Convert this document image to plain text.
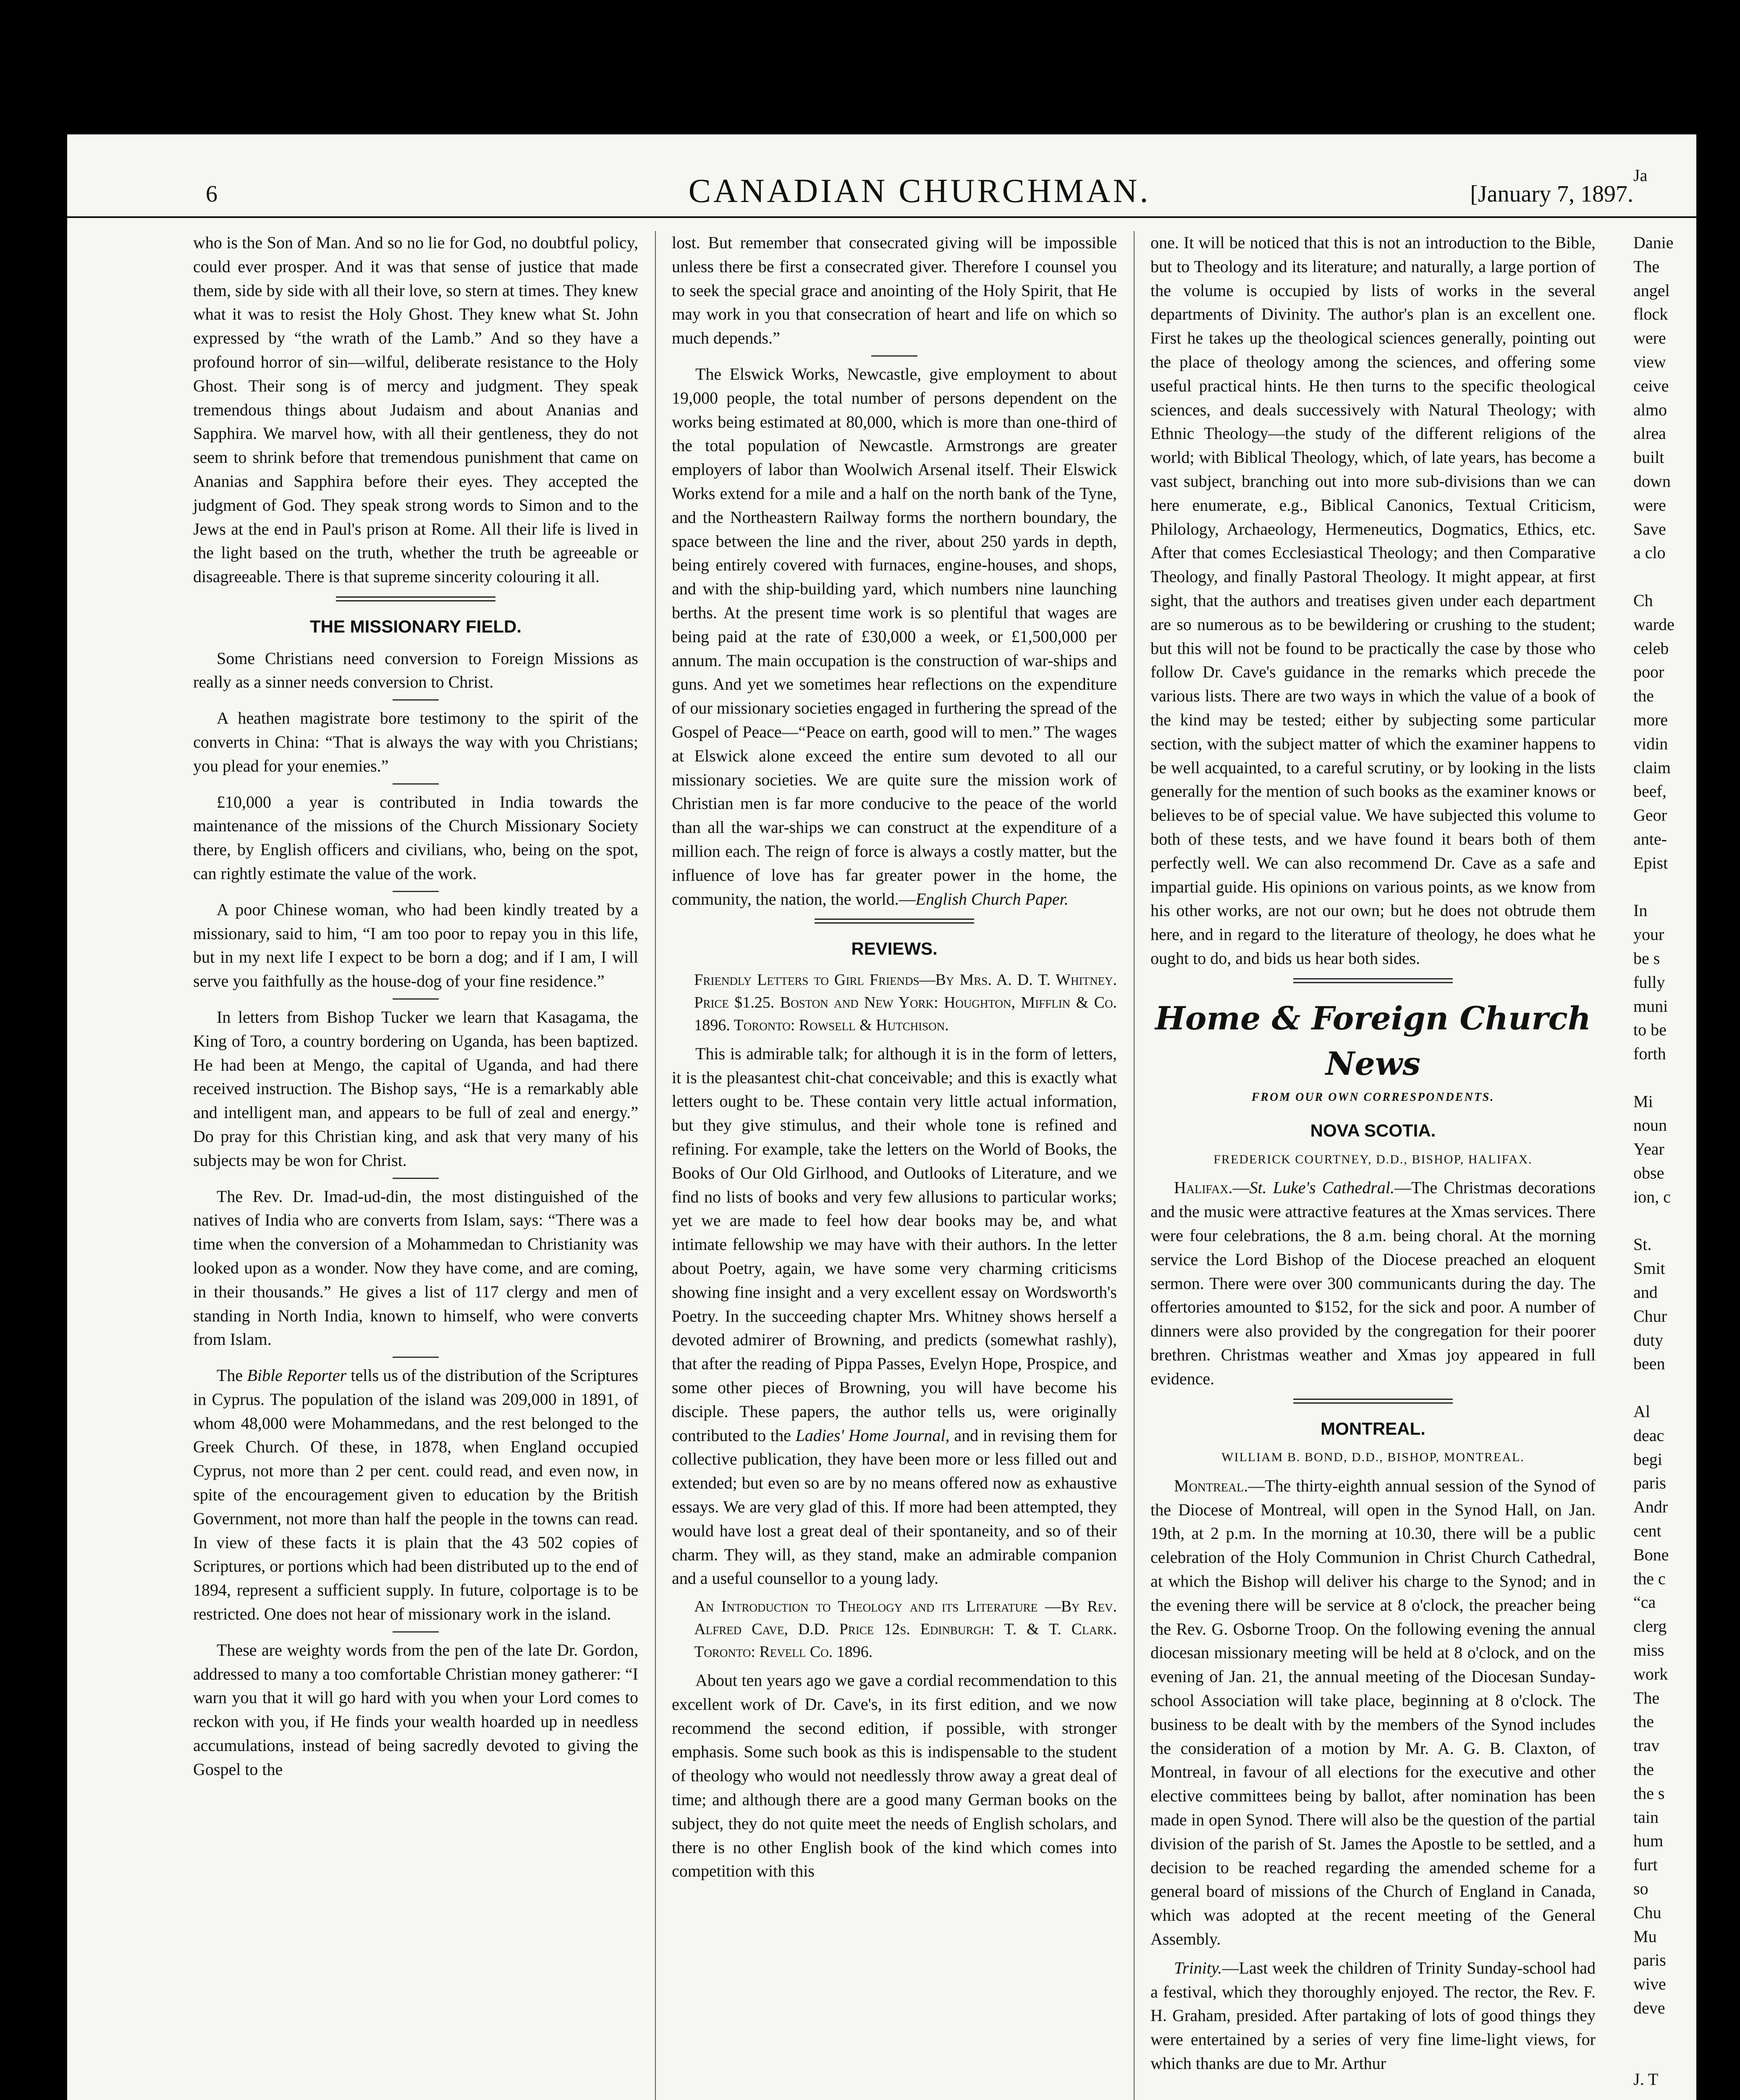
6	CANADIAN CHURCHMAN.	[January 7, 1897.

who is the Son of Man. And so no lie for God, no doubtful policy, could ever prosper. And it was that sense of justice that made them, side by side with all their love, so stern at times. They knew what it was to resist the Holy Ghost. They knew what St. John expressed by “the wrath of the Lamb.” And so they have a profound horror of sin—wilful, deliberate resistance to the Holy Ghost. Their song is of mercy and judgment. They speak tremendous things about Judaism and about Ananias and Sapphira. We marvel how, with all their gentleness, they do not seem to shrink before that tremendous punishment that came on Ananias and Sapphira before their eyes. They accepted the judgment of God. They speak strong words to Simon and to the Jews at the end in Paul's prison at Rome. All their life is lived in the light based on the truth, whether the truth be agreeable or disagreeable. There is that supreme sincerity colouring it all.

THE MISSIONARY FIELD.

Some Christians need conversion to Foreign Missions as really as a sinner needs conversion to Christ.

A heathen magistrate bore testimony to the spirit of the converts in China: “That is always the way with you Christians; you plead for your enemies.”

£10,000 a year is contributed in India towards the maintenance of the missions of the Church Missionary Society there, by English officers and civilians, who, being on the spot, can rightly estimate the value of the work.

A poor Chinese woman, who had been kindly treated by a missionary, said to him, “I am too poor to repay you in this life, but in my next life I expect to be born a dog; and if I am, I will serve you faithfully as the house-dog of your fine residence.”

In letters from Bishop Tucker we learn that Kasagama, the King of Toro, a country bordering on Uganda, has been baptized. He had been at Mengo, the capital of Uganda, and had there received instruction. The Bishop says, “He is a remarkably able and intelligent man, and appears to be full of zeal and energy.” Do pray for this Christian king, and ask that very many of his subjects may be won for Christ.

The Rev. Dr. Imad-ud-din, the most distinguished of the natives of India who are converts from Islam, says: “There was a time when the conversion of a Mohammedan to Christianity was looked upon as a wonder. Now they have come, and are coming, in their thousands.” He gives a list of 117 clergy and men of standing in North India, known to himself, who were converts from Islam.

The Bible Reporter tells us of the distribution of the Scriptures in Cyprus. The population of the island was 209,000 in 1891, of whom 48,000 were Mohammedans, and the rest belonged to the Greek Church. Of these, in 1878, when England occupied Cyprus, not more than 2 per cent. could read, and even now, in spite of the encouragement given to education by the British Government, not more than half the people in the towns can read. In view of these facts it is plain that the 43 502 copies of Scriptures, or portions which had been distributed up to the end of 1894, represent a sufficient supply. In future, colportage is to be restricted. One does not hear of missionary work in the island.

These are weighty words from the pen of the late Dr. Gordon, addressed to many a too comfortable Christian money gatherer: “I warn you that it will go hard with you when your Lord comes to reckon with you, if He finds your wealth hoarded up in needless accumulations, instead of being sacredly devoted to giving the Gospel to the

lost. But remember that consecrated giving will be impossible unless there be first a consecrated giver. Therefore I counsel you to seek the special grace and anointing of the Holy Spirit, that He may work in you that consecration of heart and life on which so much depends.”

The Elswick Works, Newcastle, give employment to about 19,000 people, the total number of persons dependent on the works being estimated at 80,000, which is more than one-third of the total population of Newcastle. Armstrongs are greater employers of labor than Woolwich Arsenal itself. Their Elswick Works extend for a mile and a half on the north bank of the Tyne, and the Northeastern Railway forms the northern boundary, the space between the line and the river, about 250 yards in depth, being entirely covered with furnaces, engine-houses, and shops, and with the ship-building yard, which numbers nine launching berths. At the present time work is so plentiful that wages are being paid at the rate of £30,000 a week, or £1,500,000 per annum. The main occupation is the construction of war-ships and guns. And yet we sometimes hear reflections on the expenditure of our missionary societies engaged in furthering the spread of the Gospel of Peace—“Peace on earth, good will to men.” The wages at Elswick alone exceed the entire sum devoted to all our missionary societies. We are quite sure the mission work of Christian men is far more conducive to the peace of the world than all the war-ships we can construct at the expenditure of a million each. The reign of force is always a costly matter, but the influence of love has far greater power in the home, the community, the nation, the world.—English Church Paper.

REVIEWS.

Friendly Letters to Girl Friends—By Mrs. A. D. T. Whitney. Price $1.25. Boston and New York: Houghton, Mifflin & Co. 1896. Toronto: Rowsell & Hutchison.

This is admirable talk; for although it is in the form of letters, it is the pleasantest chit-chat conceivable; and this is exactly what letters ought to be. These contain very little actual information, but they give stimulus, and their whole tone is refined and refining. For example, take the letters on the World of Books, the Books of Our Old Girlhood, and Outlooks of Literature, and we find no lists of books and very few allusions to particular works; yet we are made to feel how dear books may be, and what intimate fellowship we may have with their authors. In the letter about Poetry, again, we have some very charming criticisms showing fine insight and a very excellent essay on Wordsworth's Poetry. In the succeeding chapter Mrs. Whitney shows herself a devoted admirer of Browning, and predicts (somewhat rashly), that after the reading of Pippa Passes, Evelyn Hope, Prospice, and some other pieces of Browning, you will have become his disciple. These papers, the author tells us, were originally contributed to the Ladies' Home Journal, and in revising them for collective publication, they have been more or less filled out and extended; but even so are by no means offered now as exhaustive essays. We are very glad of this. If more had been attempted, they would have lost a great deal of their spontaneity, and so of their charm. They will, as they stand, make an admirable companion and a useful counsellor to a young lady.

An Introduction to Theology and its Literature —By Rev. Alfred Cave, D.D. Price 12s. Edinburgh: T. & T. Clark. Toronto: Revell Co. 1896.

About ten years ago we gave a cordial recommendation to this excellent work of Dr. Cave's, in its first edition, and we now recommend the second edition, if possible, with stronger emphasis. Some such book as this is indispensable to the student of theology who would not needlessly throw away a great deal of time; and although there are a good many German books on the subject, they do not quite meet the needs of English scholars, and there is no other English book of the kind which comes into competition with this

one. It will be noticed that this is not an introduction to the Bible, but to Theology and its literature; and naturally, a large portion of the volume is occupied by lists of works in the several departments of Divinity. The author's plan is an excellent one. First he takes up the theological sciences generally, pointing out the place of theology among the sciences, and offering some useful practical hints. He then turns to the specific theological sciences, and deals successively with Natural Theology; with Ethnic Theology—the study of the different religions of the world; with Biblical Theology, which, of late years, has become a vast subject, branching out into more sub-divisions than we can here enumerate, e.g., Biblical Canonics, Textual Criticism, Philology, Archaeology, Hermeneutics, Dogmatics, Ethics, etc. After that comes Ecclesiastical Theology; and then Comparative Theology, and finally Pastoral Theology. It might appear, at first sight, that the authors and treatises given under each department are so numerous as to be bewildering or crushing to the student; but this will not be found to be practically the case by those who follow Dr. Cave's guidance in the remarks which precede the various lists. There are two ways in which the value of a book of the kind may be tested; either by subjecting some particular section, with the subject matter of which the examiner happens to be well acquainted, to a careful scrutiny, or by looking in the lists generally for the mention of such books as the examiner knows or believes to be of special value. We have subjected this volume to both of these tests, and we have found it bears both of them perfectly well. We can also recommend Dr. Cave as a safe and impartial guide. His opinions on various points, as we know from his other works, are not our own; but he does not obtrude them here, and in regard to the literature of theology, he does what he ought to do, and bids us hear both sides.

Home & Foreign Church News
FROM OUR OWN CORRESPONDENTS.
NOVA SCOTIA.

FREDERICK COURTNEY, D.D., BISHOP, HALIFAX.

Halifax.—St. Luke's Cathedral.—The Christmas decorations and the music were attractive features at the Xmas services. There were four celebrations, the 8 a.m. being choral. At the morning service the Lord Bishop of the Diocese preached an eloquent sermon. There were over 300 communicants during the day. The offertories amounted to $152, for the sick and poor. A number of dinners were also provided by the congregation for their poorer brethren. Christmas weather and Xmas joy appeared in full evidence.

MONTREAL.

WILLIAM B. BOND, D.D., BISHOP, MONTREAL.

Montreal.—The thirty-eighth annual session of the Synod of the Diocese of Montreal, will open in the Synod Hall, on Jan. 19th, at 2 p.m. In the morning at 10.30, there will be a public celebration of the Holy Communion in Christ Church Cathedral, at which the Bishop will deliver his charge to the Synod; and in the evening there will be service at 8 o'clock, the preacher being the Rev. G. Osborne Troop. On the following evening the annual diocesan missionary meeting will be held at 8 o'clock, and on the evening of Jan. 21, the annual meeting of the Diocesan Sunday-school Association will take place, beginning at 8 o'clock. The business to be dealt with by the members of the Synod includes the consideration of a motion by Mr. A. G. B. Claxton, of Montreal, in favour of all elections for the executive and other elective committees being by ballot, after nomination has been made in open Synod. There will also be the question of the partial division of the parish of St. James the Apostle to be settled, and a decision to be reached regarding the amended scheme for a general board of missions of the Church of England in Canada, which was adopted at the recent meeting of the General Assembly.

Trinity.—Last week the children of Trinity Sunday-school had a festival, which they thoroughly enjoyed. The rector, the Rev. F. H. Graham, presided. After partaking of lots of good things they were entertained by a series of very fine lime-light views, for which thanks are due to Mr. Arthur

Ja
Danie
The
angel
flock
were
view
ceive
almo
alrea
built
down
were
Save
a clo

Ch
warde
celeb
poor
the
more
vidin
claim
beef,
Geor
ante-
Epist

In
your
be s
fully
muni
to be
forth

Mi
noun
Year
obse
ion, c

St.
Smit
and
Chur
duty
been

Al
deac
begi
paris
Andr
cent
Bone
the c
“ca
clerg
miss
work
The
the
trav
the
the s
tain
hum
furt
so
Chu
Mu
paris
wive
deve

J. T
